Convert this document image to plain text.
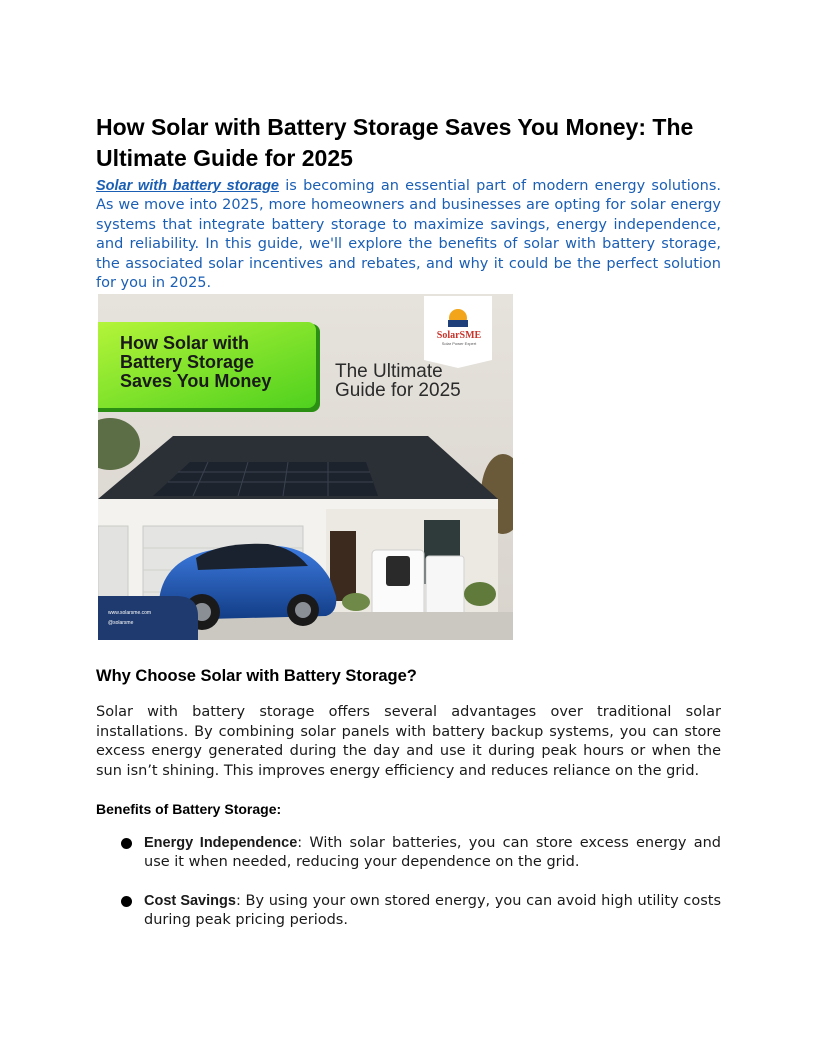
How Solar with Battery Storage Saves You Money: The Ultimate Guide for 2025

Solar with battery storage is becoming an essential part of modern energy solutions. As we move into 2025, more homeowners and businesses are opting for solar energy systems that integrate battery storage to maximize savings, energy independence, and reliability. In this guide, we'll explore the benefits of solar with battery storage, the associated solar incentives and rebates, and why it could be the perfect solution for you in 2025.

How Solar with
Battery Storage
Saves You Money	The Ultimate
Guide for 2025
SolarSME
Solar Power Expert
www.solarsme.com
@solarsme
Why Choose Solar with Battery Storage?

Solar with battery storage offers several advantages over traditional solar installations. By combining solar panels with battery backup systems, you can store excess energy generated during the day and use it during peak hours or when the sun isn’t shining. This improves energy efficiency and reduces reliance on the grid.

Benefits of Battery Storage:
Energy Independence: With solar batteries, you can store excess energy and use it when needed, reducing your dependence on the grid.
Cost Savings: By using your own stored energy, you can avoid high utility costs during peak pricing periods.
